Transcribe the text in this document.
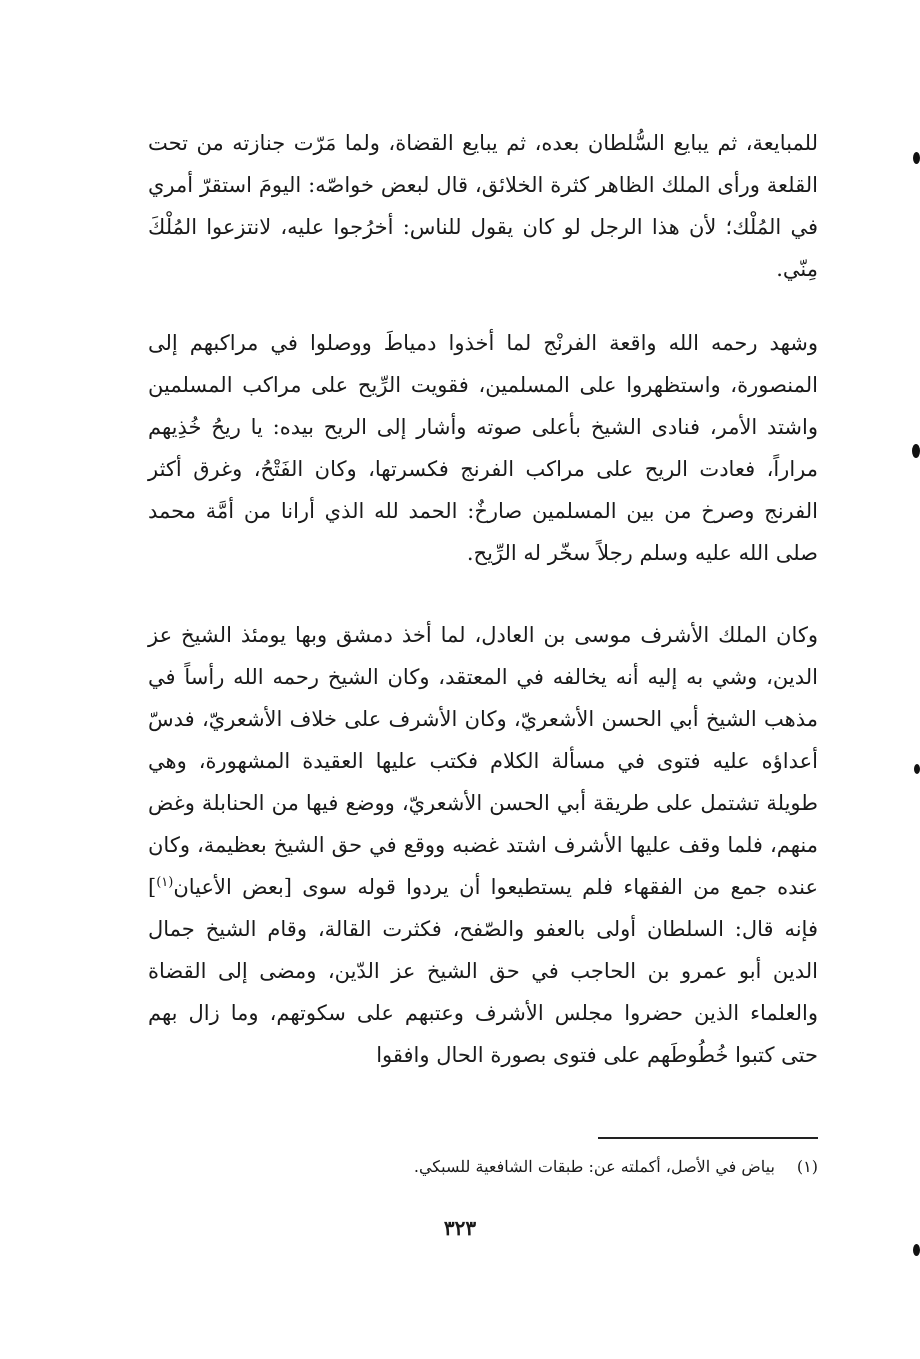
للمبايعة، ثم يبايع السُّلطان بعده، ثم يبايع القضاة، ولما مَرّت جنازته من تحت القلعة ورأى الملك الظاهر كثرة الخلائق، قال لبعض خواصّه: اليومَ استقرّ أمري في المُلْك؛ لأن هذا الرجل لو كان يقول للناس: أخرُجوا عليه، لانتزعوا المُلْكَ مِنّي.

وشهد رحمه الله واقعة الفرنْج لما أخذوا دمياطَ ووصلوا في مراكبهم إلى المنصورة، واستظهروا على المسلمين، فقويت الرِّيح على مراكب المسلمين واشتد الأمر، فنادى الشيخ بأعلى صوته وأشار إلى الريح بيده: يا ريحُ خُذِيهم مراراً، فعادت الريح على مراكب الفرنج فكسرتها، وكان الفَتْحُ، وغرق أكثر الفرنج وصرخ من بين المسلمين صارخٌ: الحمد لله الذي أرانا من أمَّة محمد صلى الله عليه وسلم رجلاً سخّر له الرِّيح.

وكان الملك الأشرف موسى بن العادل، لما أخذ دمشق وبها يومئذ الشيخ عز الدين، وشي به إليه أنه يخالفه في المعتقد، وكان الشيخ رحمه الله رأساً في مذهب الشيخ أبي الحسن الأشعريّ، وكان الأشرف على خلاف الأشعريّ، فدسّ أعداؤه عليه فتوى في مسألة الكلام فكتب عليها العقيدة المشهورة، وهي طويلة تشتمل على طريقة أبي الحسن الأشعريّ، ووضع فيها من الحنابلة وغض منهم، فلما وقف عليها الأشرف اشتد غضبه ووقع في حق الشيخ بعظيمة، وكان عنده جمع من الفقهاء فلم يستطيعوا أن يردوا قوله سوى [بعض الأعيان$^{(١)}$] فإنه قال: السلطان أولى بالعفو والصّفح، فكثرت القالة، وقام الشيخ جمال الدين أبو عمرو بن الحاجب في حق الشيخ عز الدّين، ومضى إلى القضاة والعلماء الذين حضروا مجلس الأشرف وعتبهم على سكوتهم، وما زال بهم حتى كتبوا خُطُوطَهم على فتوى بصورة الحال وافقوا

(١)بياض في الأصل، أكملته عن: طبقات الشافعية للسبكي.
٣٢٣
